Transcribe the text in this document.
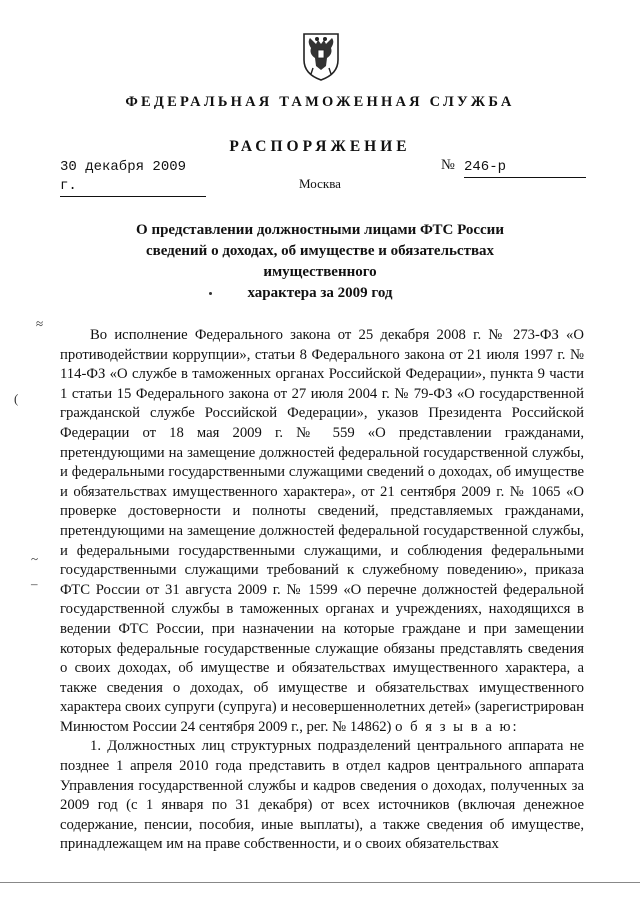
ФЕДЕРАЛЬНАЯ ТАМОЖЕННАЯ СЛУЖБА
РАСПОРЯЖЕНИЕ
30 декабря 2009 г.
№ 246-р
Москва
О представлении должностными лицами ФТС России
сведений о доходах, об имуществе и обязательствах имущественного
характера за 2009 год
≈
(
~
–

Во исполнение Федерального закона от 25 декабря 2008 г. № 273-ФЗ «О противодействии коррупции», статьи 8 Федерального закона от 21 июля 1997 г. № 114-ФЗ «О службе в таможенных органах Российской Федерации», пункта 9 части 1 статьи 15 Федерального закона от 27 июля 2004 г. № 79-ФЗ «О государственной гражданской службе Российской Федерации», указов Президента Российской Федерации от 18 мая 2009 г. № 559 «О представлении гражданами, претендующими на замещение должностей федеральной государственной службы, и федеральными государственными служащими сведений о доходах, об имуществе и обязательствах имущественного характера», от 21 сентября 2009 г. № 1065 «О проверке достоверности и полноты сведений, представляемых гражданами, претендующими на замещение должностей федеральной государственной службы, и федеральными государственными служащими, и соблюдения федеральными государственными служащими требований к служебному поведению», приказа ФТС России от 31 августа 2009 г. № 1599 «О перечне должностей федеральной государственной службы в таможенных органах и учреждениях, находящихся в ведении ФТС России, при назначении на которые граждане и при замещении которых федеральные государственные служащие обязаны представлять сведения о своих доходах, об имуществе и обязательствах имущественного характера, а также сведения о доходах, об имуществе и обязательствах имущественного характера своих супруги (супруга) и несовершеннолетних детей» (зарегистрирован Минюстом России 24 сентября 2009 г., рег. № 14862) о б я з ы в а ю:

1. Должностных лиц структурных подразделений центрального аппарата не позднее 1 апреля 2010 года представить в отдел кадров центрального аппарата Управления государственной службы и кадров сведения о доходах, полученных за 2009 год (с 1 января по 31 декабря) от всех источников (включая денежное содержание, пенсии, пособия, иные выплаты), а также сведения об имуществе, принадлежащем им на праве собственности, и о своих обязательствах
